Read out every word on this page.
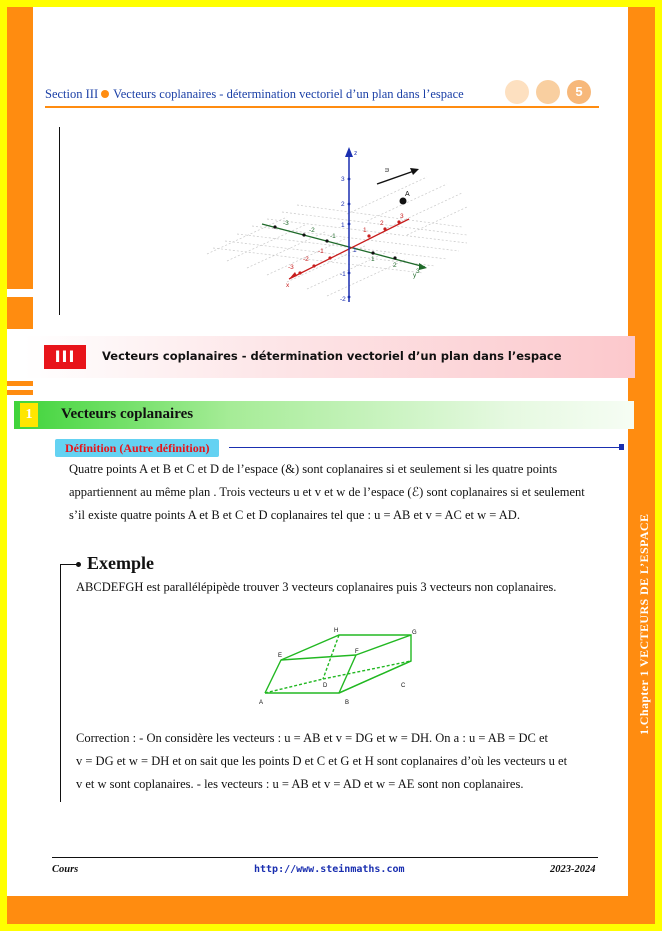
Section III Vecteurs coplanaires - détermination vectoriel d’un plan dans l’espace	5
3
2
1
1
-1
-2
z
-3
-2
-1
1
2
3
x
-3
-2
-1
1
2
3
y
u
A
III	Vecteurs coplanaires - détermination vectoriel d’un plan dans l’espace
1	Vecteurs coplanaires
Définition (Autre définition)
Quatre points A et B et C et D de l’espace (&) sont coplanaires si et seulement si les quatre points
appartiennent au même plan . Trois vecteurs u et v et w de l’espace (ℰ) sont coplanaires si et seulement
s’il existe quatre points A et B et C et D coplanaires tel que : u = AB et v = AC et w = AD.
Exemple
ABCDEFGH est parallélépipède trouver 3 vecteurs coplanaires puis 3 vecteurs non coplanaires.
A	B
C
D
E
F
G
H
Correction : - On considère les vecteurs : u = AB et v = DG et w = DH. On a : u = AB = DC et
v = DG et w = DH et on sait que les points D et C et G et H sont coplanaires d’où les vecteurs u et
v et w sont coplanaires. - les vecteurs : u = AB et v = AD et w = AE sont non coplanaires.
Cours	http://www.steinmaths.com	2023-2024
1.Chapter 1 VECTEURS DE L’ESPACE
